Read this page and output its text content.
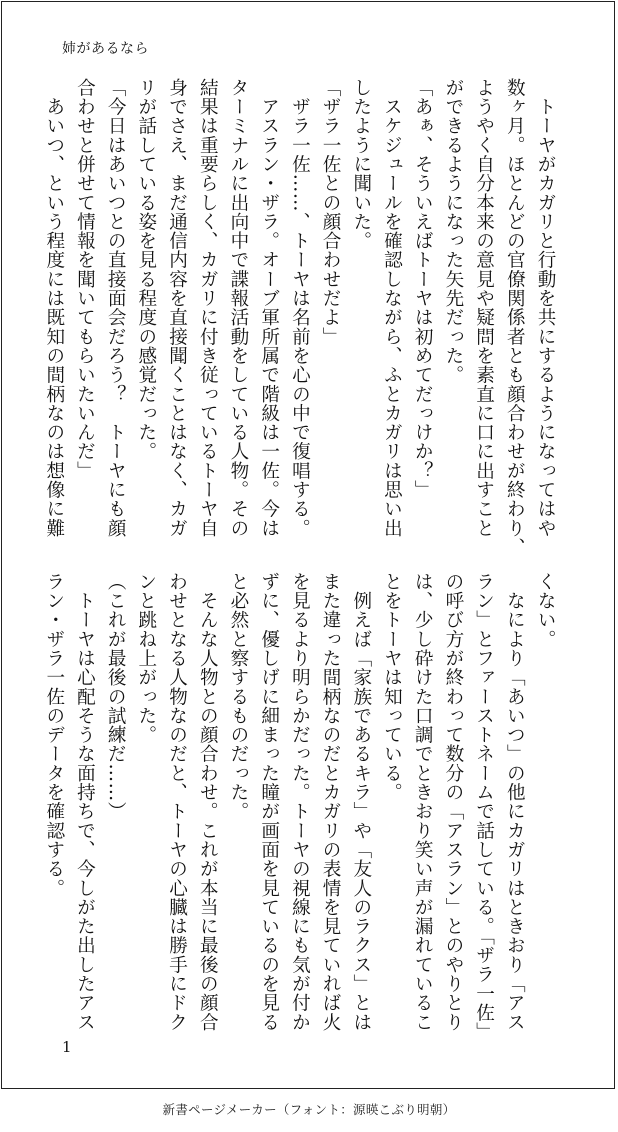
姉があるなら
　トーヤがカガリと行動を共にするようになってはや
数ヶ月。ほとんどの官僚関係者とも顔合わせが終わり、
ようやく自分本来の意見や疑問を素直に口に出すこと
ができるようになった矢先だった。
「あぁ、そういえばトーヤは初めてだっけか？」
　スケジュールを確認しながら、ふとカガリは思い出
したように聞いた。
「ザラ一佐との顔合わせだよ」
　ザラ一佐……、トーヤは名前を心の中で復唱する。
　アスラン・ザラ。オーブ軍所属で階級は一佐。今は
ターミナルに出向中で諜報活動をしている人物。その
結果は重要らしく、カガリに付き従っているトーヤ自
身でさえ、まだ通信内容を直接聞くことはなく、カガ
リが話している姿を見る程度の感覚だった。
「今日はあいつとの直接面会だろう？　トーヤにも顔
合わせと併せて情報を聞いてもらいたいんだ」
　あいつ、という程度には既知の間柄なのは想像に難
くない。
　なにより「あいつ」の他にカガリはときおり「アス
ラン」とファーストネームで話している。「ザラ一佐」
の呼び方が終わって数分の「アスラン」とのやりとり
は、少し砕けた口調でときおり笑い声が漏れているこ
とをトーヤは知っている。
　例えば「家族であるキラ」や「友人のラクス」とは
また違った間柄なのだとカガリの表情を見ていれば火
を見るより明らかだった。トーヤの視線にも気が付か
ずに、優しげに細まった瞳が画面を見ているのを見る
と必然と察するものだった。
　そんな人物との顔合わせ。これが本当に最後の顔合
わせとなる人物なのだと、トーヤの心臓は勝手にドク
ンと跳ね上がった。
（これが最後の試練だ……）
　トーヤは心配そうな面持ちで、今しがた出したアス
ラン・ザラ一佐のデータを確認する。
1
新書ページメーカー（フォント：源暎こぶり明朝）
